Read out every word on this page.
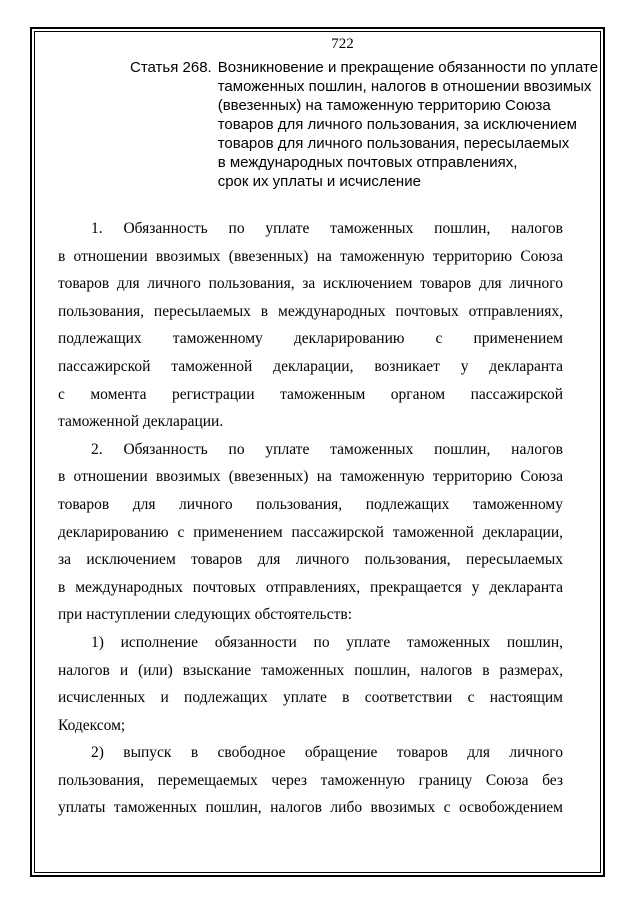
722
Статья 268. Возникновение и прекращение обязанности по уплате
таможенных пошлин, налогов в отношении ввозимых
(ввезенных) на таможенную территорию Союза
товаров для личного пользования, за исключением
товаров для личного пользования, пересылаемых
в международных почтовых отправлениях,
срок их уплаты и исчисление

1. Обязанность по уплате таможенных пошлин, налогов
в отношении ввозимых (ввезенных) на таможенную территорию Союза
товаров для личного пользования, за исключением товаров для личного
пользования, пересылаемых в международных почтовых отправлениях,
подлежащих таможенному декларированию с применением
пассажирской таможенной декларации, возникает у декларанта
с момента регистрации таможенным органом пассажирской
таможенной декларации.

2. Обязанность по уплате таможенных пошлин, налогов
в отношении ввозимых (ввезенных) на таможенную территорию Союза
товаров для личного пользования, подлежащих таможенному
декларированию с применением пассажирской таможенной декларации,
за исключением товаров для личного пользования, пересылаемых
в международных почтовых отправлениях, прекращается у декларанта
при наступлении следующих обстоятельств:

1) исполнение обязанности по уплате таможенных пошлин,
налогов и (или) взыскание таможенных пошлин, налогов в размерах,
исчисленных и подлежащих уплате в соответствии с настоящим
Кодексом;

2) выпуск в свободное обращение товаров для личного
пользования, перемещаемых через таможенную границу Союза без
уплаты таможенных пошлин, налогов либо ввозимых с освобождением
